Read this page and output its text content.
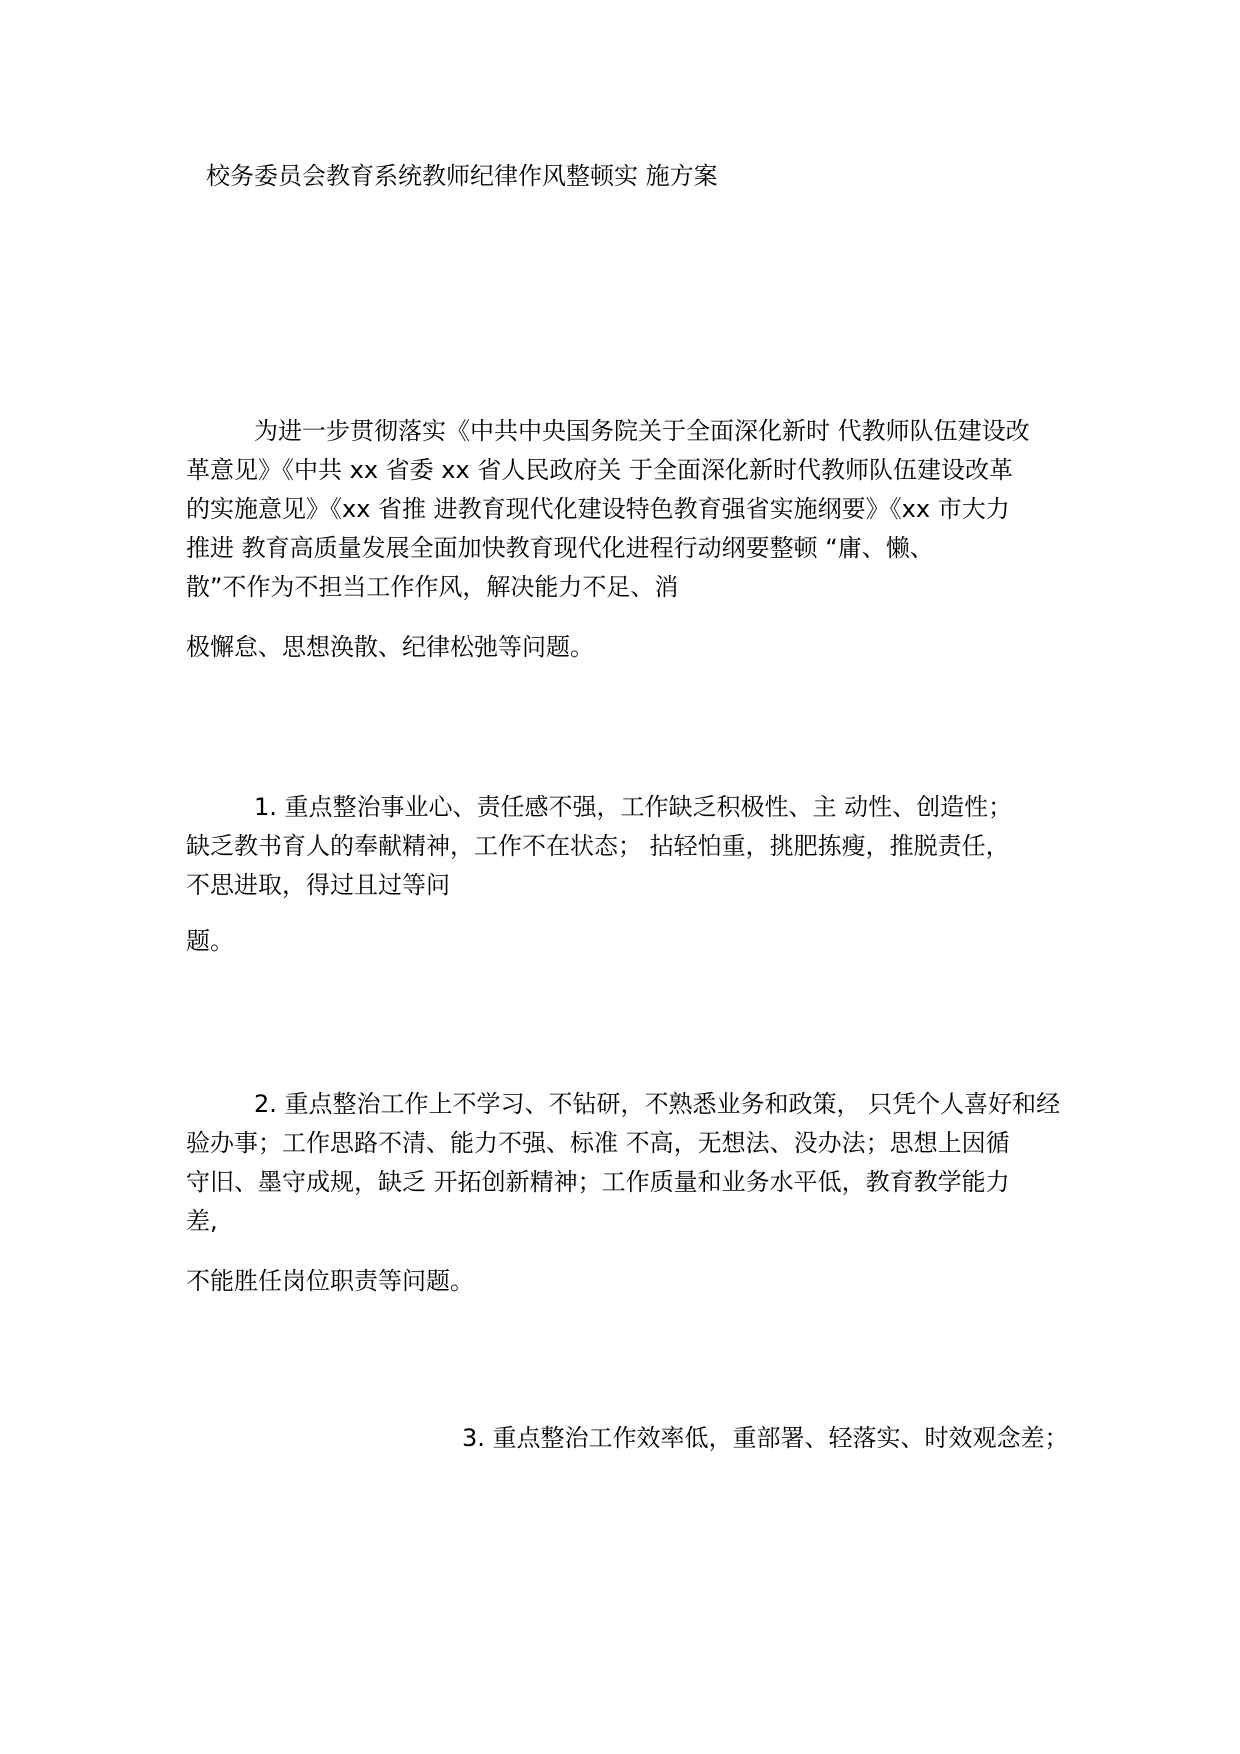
校务委员会教育系统教师纪律作风整顿实 施方案
为进一步贯彻落实《中共中央国务院关于全面深化新时 代教师队伍建设改
革意见》《中共 xx 省委 xx 省人民政府关 于全面深化新时代教师队伍建设改革
的实施意见》《xx 省推 进教育现代化建设特色教育强省实施纲要》《xx 市大力
推进 教育高质量发展全面加快教育现代化进程行动纲要整顿 “庸、懒、
散”不作为不担当工作作风，解决能力不足、消
极懈怠、思想涣散、纪律松弛等问题。
1. 重点整治事业心、责任感不强，工作缺乏积极性、主 动性、创造性；
缺乏教书育人的奉献精神，工作不在状态； 拈轻怕重，挑肥拣瘦，推脱责任，
不思进取，得过且过等问
题。
2. 重点整治工作上不学习、不钻研，不熟悉业务和政策， 只凭个人喜好和经
验办事；工作思路不清、能力不强、标准 不高，无想法、没办法；思想上因循
守旧、墨守成规，缺乏 开拓创新精神；工作质量和业务水平低，教育教学能力
差,
不能胜任岗位职责等问题。
3. 重点整治工作效率低，重部署、轻落实、时效观念差；
